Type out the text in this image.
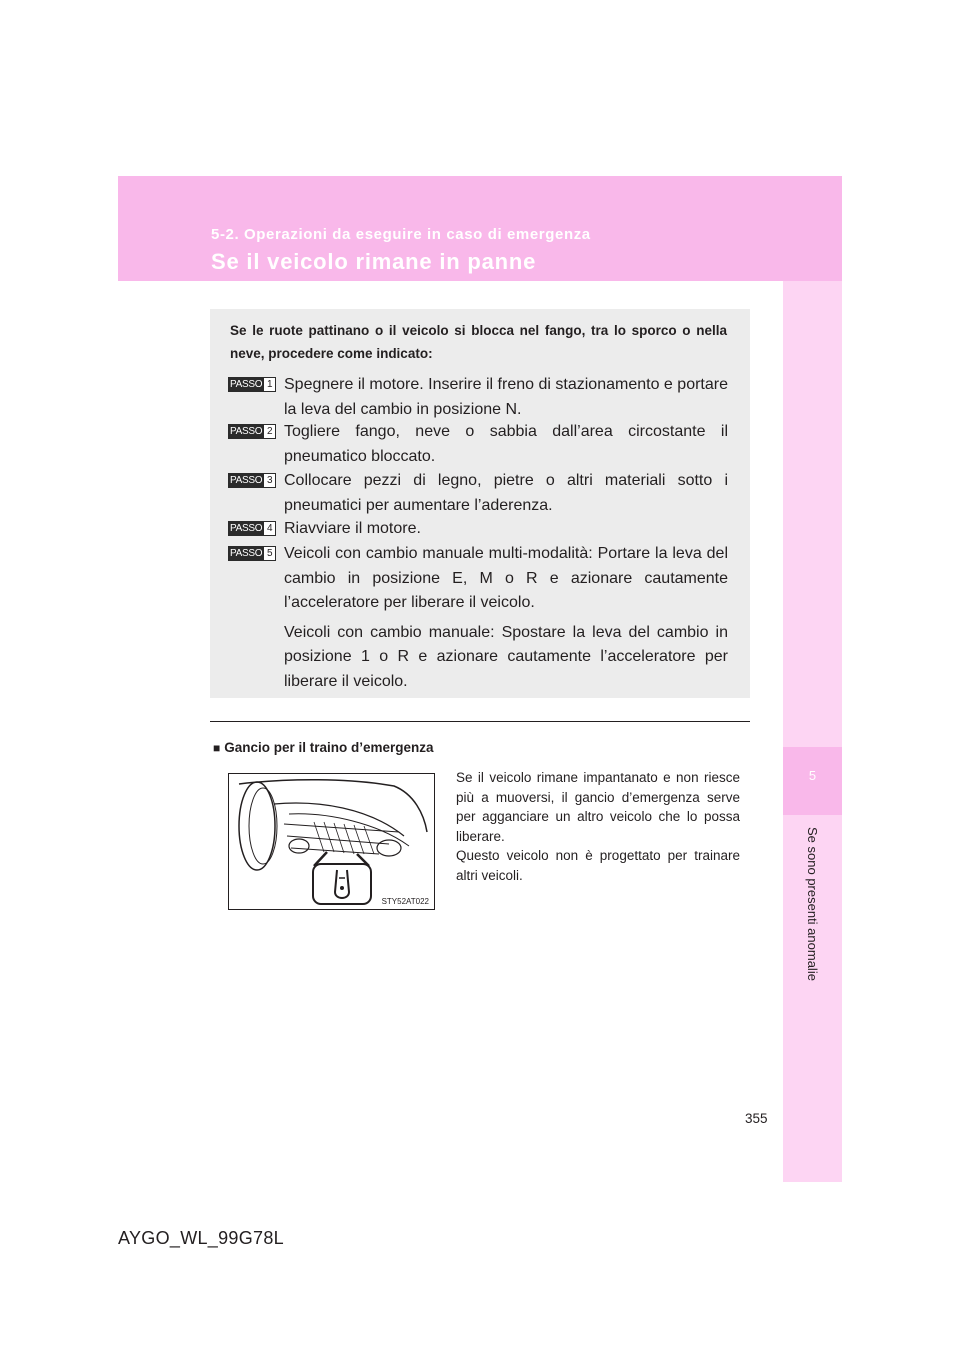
5-2. Operazioni da eseguire in caso di emergenza
Se il veicolo rimane in panne
5
Se sono presenti anomalie
Se le ruote pattinano o il veicolo si blocca nel fango, tra lo sporco o nella neve, procedere come indicato:
PASSO 1 Spegnere il motore. Inserire il freno di stazionamento e portare la leva del cambio in posizione N.
PASSO 2 Togliere fango, neve o sabbia dall’area circostante il pneumatico bloccato.
PASSO 3 Collocare pezzi di legno, pietre o altri materiali sotto i pneumatici per aumentare l’aderenza.
PASSO 4 Riavviare il motore.
PASSO 5 Veicoli con cambio manuale multi-modalità: Portare la leva del cambio in posizione E, M o R e azionare cautamente l’acceleratore per liberare il veicolo.
Veicoli con cambio manuale: Spostare la leva del cambio in posizione 1 o R e azionare cautamente l’acceleratore per liberare il veicolo.
■ Gancio per il traino d’emergenza

Se il veicolo rimane impantanato e non riesce più a muoversi, il gancio d’emergenza serve per agganciare un altro veicolo che lo possa liberare.

Questo veicolo non è progettato per trainare altri veicoli.

STY52AT022
355
AYGO_WL_99G78L
